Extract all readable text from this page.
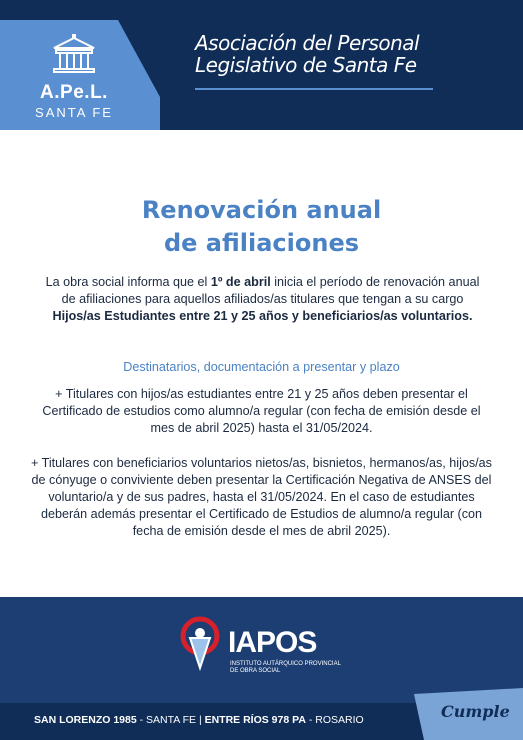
A.Pe.L.
SANTA FE
Asociación del Personal
Legislativo de Santa Fe
Renovación anual
de afiliaciones
La obra social informa que el 1º de abril inicia el período de renovación anual de afiliaciones para aquellos afiliados/as titulares que tengan a su cargo Hijos/as Estudiantes entre 21 y 25 años y beneficiarios/as voluntarios.
Destinatarios, documentación a presentar y plazo
+ Titulares con hijos/as estudiantes entre 21 y 25 años deben presentar el Certificado de estudios como alumno/a regular (con fecha de emisión desde el mes de abril 2025) hasta el 31/05/2024.
+ Titulares con beneficiarios voluntarios nietos/as, bisnietos, hermanos/as, hijos/as de cónyuge o conviviente deben presentar la Certificación Negativa de ANSES del voluntario/a y de sus padres, hasta el 31/05/2024. En el caso de estudiantes deberán además presentar el Certificado de Estudios de alumno/a regular (con fecha de emisión desde el mes de abril 2025).
IAPOS
INSTITUTO AUTÁRQUICO PROVINCIAL
DE OBRA SOCIAL
SAN LORENZO 1985 - SANTA FE | ENTRE RÍOS 978 PA - ROSARIO	Cumple
